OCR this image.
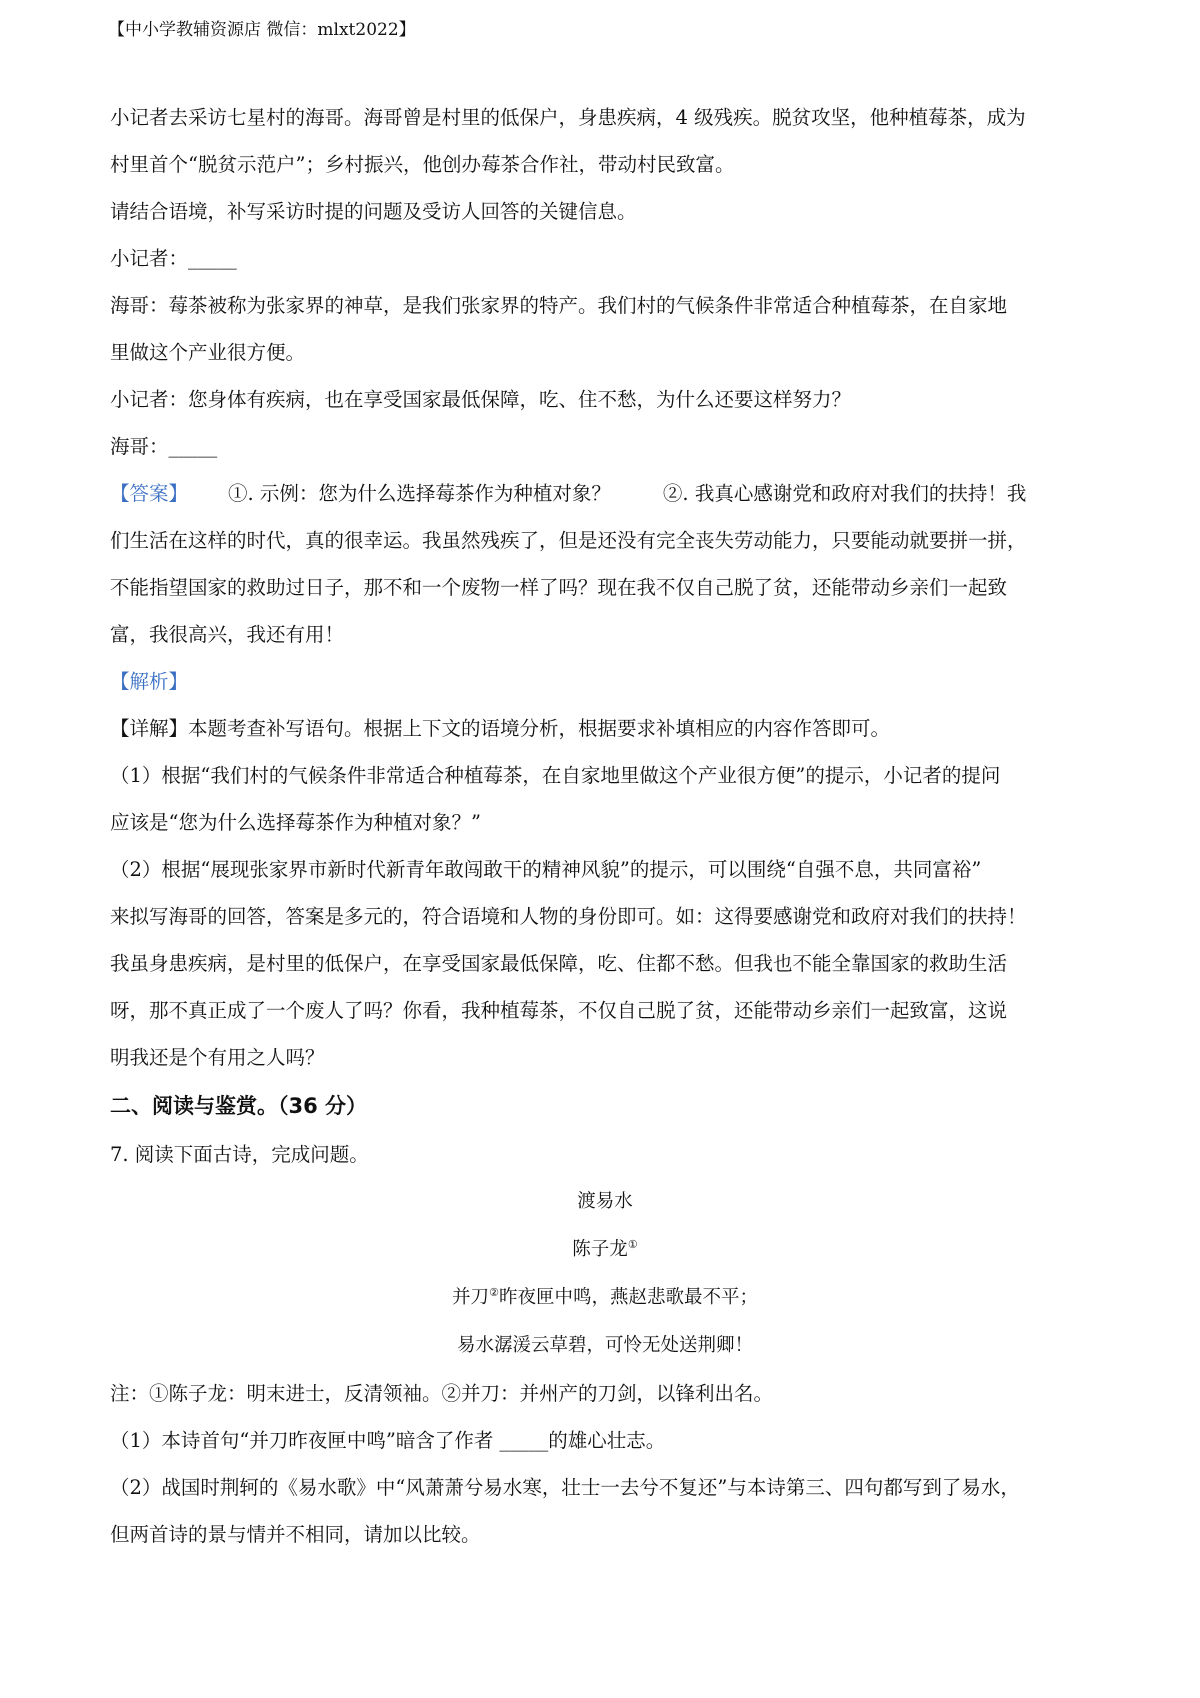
【中小学教辅资源店 微信：mlxt2022】

小记者去采访七星村的海哥。海哥曾是村里的低保户，身患疾病，4 级残疾。脱贫攻坚，他种植莓茶，成为

村里首个“脱贫示范户”；乡村振兴，他创办莓茶合作社，带动村民致富。

请结合语境，补写采访时提的问题及受访人回答的关键信息。

小记者：_____

海哥：莓茶被称为张家界的神草，是我们张家界的特产。我们村的气候条件非常适合种植莓茶，在自家地

里做这个产业很方便。

小记者：您身体有疾病，也在享受国家最低保障，吃、住不愁，为什么还要这样努力？

海哥：_____

【答案】 ①. 示例：您为什么选择莓茶作为种植对象？	②. 我真心感谢党和政府对我们的扶持！我

们生活在这样的时代，真的很幸运。我虽然残疾了，但是还没有完全丧失劳动能力，只要能动就要拼一拼，

不能指望国家的救助过日子，那不和一个废物一样了吗？现在我不仅自己脱了贫，还能带动乡亲们一起致

富，我很高兴，我还有用！

【解析】

【详解】本题考查补写语句。根据上下文的语境分析，根据要求补填相应的内容作答即可。

（1）根据“我们村的气候条件非常适合种植莓茶，在自家地里做这个产业很方便”的提示，小记者的提问

应该是“您为什么选择莓茶作为种植对象？”

（2）根据“展现张家界市新时代新青年敢闯敢干的精神风貌”的提示，可以围绕“自强不息，共同富裕”

来拟写海哥的回答，答案是多元的，符合语境和人物的身份即可。如：这得要感谢党和政府对我们的扶持！

我虽身患疾病，是村里的低保户，在享受国家最低保障，吃、住都不愁。但我也不能全靠国家的救助生活

呀，那不真正成了一个废人了吗？你看，我种植莓茶，不仅自己脱了贫，还能带动乡亲们一起致富，这说

明我还是个有用之人吗？

二、阅读与鉴赏。（36 分）

7. 阅读下面古诗，完成问题。

渡易水

陈子龙①

并刀②昨夜匣中鸣，燕赵悲歌最不平；

易水潺湲云草碧，可怜无处送荆卿！

注：①陈子龙：明末进士，反清领袖。②并刀：并州产的刀剑，以锋利出名。

（1）本诗首句“并刀昨夜匣中鸣”暗含了作者 _____的雄心壮志。

（2）战国时荆轲的《易水歌》中“风萧萧兮易水寒，壮士一去兮不复还”与本诗第三、四句都写到了易水，

但两首诗的景与情并不相同，请加以比较。
